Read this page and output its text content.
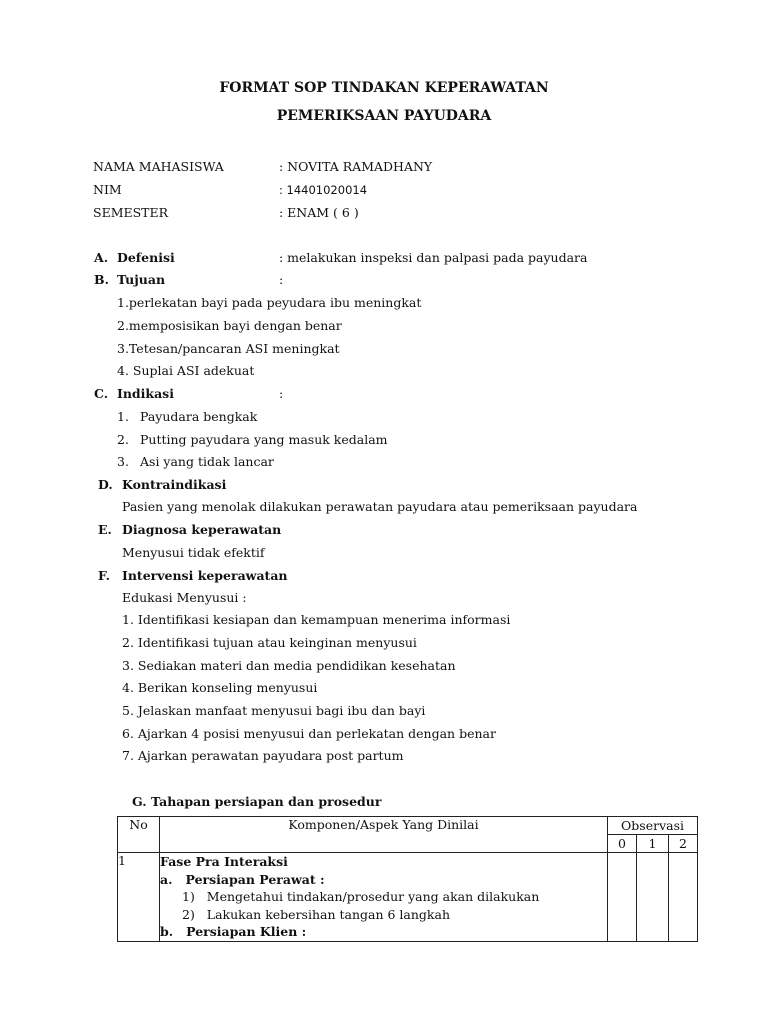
FORMAT SOP TINDAKAN KEPERAWATAN
PEMERIKSAAN PAYUDARA
NAMA MAHASISWA	: NOVITA RAMADHANY
NIM	: 14401020014
SEMESTER	: ENAM ( 6 )
A. Defenisi	: melakukan inspeksi dan palpasi pada payudara
B. Tujuan	:
1.perlekatan bayi pada peyudara ibu meningkat
2.memposisikan bayi dengan benar
3.Tetesan/pancaran ASI meningkat
4. Suplai ASI adekuat
C. Indikasi	:
1. Payudara bengkak
2. Putting payudara yang masuk kedalam
3. Asi yang tidak lancar
D. Kontraindikasi
Pasien yang menolak dilakukan perawatan payudara atau pemeriksaan payudara
E. Diagnosa keperawatan
Menyusui tidak efektif
F. Intervensi keperawatan
Edukasi Menyusui :
1. Identifikasi kesiapan dan kemampuan menerima informasi
2. Identifikasi tujuan atau keinginan menyusui
3. Sediakan materi dan media pendidikan kesehatan
4. Berikan konseling menyusui
5. Jelaskan manfaat menyusui bagi ibu dan bayi
6. Ajarkan 4 posisi menyusui dan perlekatan dengan benar
7. Ajarkan perawatan payudara post partum
G. Tahapan persiapan dan prosedur
No	Komponen/Aspek Yang Dinilai	Observasi		
		0	1	2
1	Fase Pra Interaksi
a. Persiapan Perawat :
1) Mengetahui tindakan/prosedur yang akan dilakukan
2) Lakukan kebersihan tangan 6 langkah
b. Persiapan Klien :			
